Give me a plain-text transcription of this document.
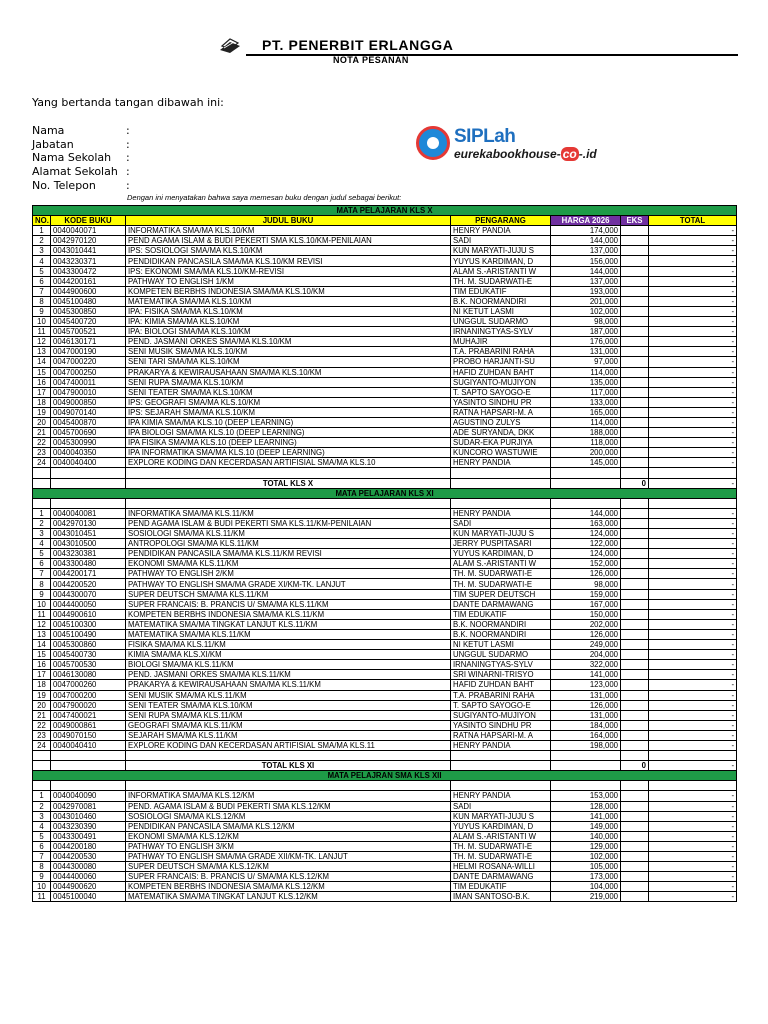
PT. PENERBIT ERLANGGA
NOTA PESANAN
Yang bertanda tangan dibawah ini:
Nama	:
Jabatan	:
Nama Sekolah :
Alamat Sekolah :
No. Telepon	:
SIPLah
eurekabookhouse- co -.id
Dengan ini menyatakan bahwa saya memesan buku dengan judul sebagai berikut:
MATA PELAJARAN KLS X						
NO.	KODE BUKU	JUDUL BUKU	PENGARANG	HARGA 2026	EKS	TOTAL
1	0040040071	INFORMATIKA SMA/MA KLS.10/KM	HENRY PANDIA	174,000		-
2	0042970120	PEND AGAMA ISLAM & BUDI PEKERTI SMA KLS.10/KM-PENILAIAN	SADI	144,000		-
3	0043010441	IPS: SOSIOLOGI SMA/MA KLS.10/KM	KUN MARYATI-JUJU S	137,000		-
4	0043230371	PENDIDIKAN PANCASILA SMA/MA KLS.10/KM REVISI	YUYUS KARDIMAN, D	156,000		-
5	0043300472	IPS: EKONOMI SMA/MA KLS.10/KM-REVISI	ALAM S.-ARISTANTI W	144,000		-
6	0044200161	PATHWAY TO ENGLISH 1/KM	TH. M. SUDARWATI-E	137,000		-
7	0044900600	KOMPETEN BERBHS INDONESIA SMA/MA KLS.10/KM	TIM EDUKATIF	193,000		-
8	0045100480	MATEMATIKA SMA/MA KLS.10/KM	B.K. NOORMANDIRI	201,000		-
9	0045300850	IPA: FISIKA SMA/MA KLS.10/KM	NI KETUT LASMI	102,000		-
10	0045400720	IPA: KIMIA SMA/MA KLS.10/KM	UNGGUL SUDARMO	98,000		-
11	0045700521	IPA: BIOLOGI SMA/MA KLS.10/KM	IRNANINGTYAS-SYLV	187,000		-
12	0046130171	PEND. JASMANI ORKES SMA/MA KLS.10/KM	MUHAJIR	176,000		-
13	0047000190	SENI MUSIK SMA/MA KLS.10/KM	T.A. PRABARINI RAHA	131,000		-
14	0047000220	SENI TARI SMA/MA KLS.10/KM	PROBO HARJANTI-SU	97,000		-
15	0047000250	PRAKARYA & KEWIRAUSAHAAN SMA/MA KLS.10/KM	HAFID ZUHDAN BAHT	114,000		-
16	0047400011	SENI RUPA SMA/MA KLS.10/KM	SUGIYANTO-MUJIYON	135,000		-
17	0047900010	SENI TEATER SMA/MA KLS.10/KM	T. SAPTO SAYOGO-E	117,000		-
18	0049000850	IPS: GEOGRAFI SMA/MA KLS.10/KM	YASINTO SINDHU PR	133,000		-
19	0049070140	IPS: SEJARAH SMA/MA KLS.10/KM	RATNA HAPSARI-M. A	165,000		-
20	0045400870	IPA KIMIA SMA/MA KLS.10 (DEEP LEARNING)	AGUSTINO ZULYS	114,000		-
21	0045700690	IPA BIOLOGI SMA/MA KLS.10 (DEEP LEARNING)	ADE SURYANDA, DKK	188,000		-
22	0045300990	IPA FISIKA SMA/MA KLS.10 (DEEP LEARNING)	SUDAR-EKA PURJIYA	118,000		-
23	0040040350	IPA INFORMATIKA SMA/MA KLS.10 (DEEP LEARNING)	KUNCORO WASTUWIE	200,000		-
24	0040040400	EXPLORE KODING DAN KECERDASAN ARTIFISIAL SMA/MA KLS.10	HENRY PANDIA	145,000		-

		TOTAL KLS X			0	-
MATA PELAJARAN KLS XI						

1	0040040081	INFORMATIKA SMA/MA KLS.11/KM	HENRY PANDIA	144,000		-
2	0042970130	PEND AGAMA ISLAM & BUDI PEKERTI SMA KLS.11/KM-PENILAIAN	SADI	163,000		-
3	0043010451	SOSIOLOGI SMA/MA KLS.11/KM	KUN MARYATI-JUJU S	124,000		-
4	0043010500	ANTROPOLOGI SMA/MA KLS.11/KM	JERRY PUSPITASARI	122,000		-
5	0043230381	PENDIDIKAN PANCASILA SMA/MA KLS.11/KM REVISI	YUYUS KARDIMAN, D	124,000		-
6	0043300480	EKONOMI SMA/MA KLS.11/KM	ALAM S.-ARISTANTI W	152,000		-
7	0044200171	PATHWAY TO ENGLISH 2/KM	TH. M. SUDARWATI-E	126,000		-
8	0044200520	PATHWAY TO ENGLISH SMA/MA GRADE XI/KM-TK. LANJUT	TH. M. SUDARWATI-E	98,000		-
9	0044300070	SUPER DEUTSCH SMA/MA KLS.11/KM	TIM SUPER DEUTSCH	159,000		-
10	0044400050	SUPER FRANCAIS: B. PRANCIS U/ SMA/MA KLS.11/KM	DANTE DARMAWANG	167,000		-
11	0044900610	KOMPETEN BERBHS INDONESIA SMA/MA KLS.11/KM	TIM EDUKATIF	150,000		-
12	0045100300	MATEMATIKA SMA/MA TINGKAT LANJUT KLS.11/KM	B.K. NOORMANDIRI	202,000		-
13	0045100490	MATEMATIKA SMA/MA KLS.11/KM	B.K. NOORMANDIRI	126,000		-
14	0045300860	FISIKA SMA/MA KLS.11/KM	NI KETUT LASMI	249,000		-
15	0045400730	KIMIA SMA/MA KLS.XI/KM	UNGGUL SUDARMO	204,000		-
16	0045700530	BIOLOGI SMA/MA KLS.11/KM	IRNANINGTYAS-SYLV	322,000		-
17	0046130080	PEND. JASMANI ORKES SMA/MA KLS.11/KM	SRI WINARNI-TRISYO	141,000		-
18	0047000260	PRAKARYA & KEWIRAUSAHAAN SMA/MA KLS.11/KM	HAFID ZUHDAN BAHT	123,000		-
19	0047000200	SENI MUSIK SMA/MA KLS.11/KM	T.A. PRABARINI RAHA	131,000		-
20	0047900020	SENI TEATER SMA/MA KLS.10/KM	T. SAPTO SAYOGO-E	126,000		-
21	0047400021	SENI RUPA SMA/MA KLS.11/KM	SUGIYANTO-MUJIYON	131,000		-
22	0049000861	GEOGRAFI SMA/MA KLS.11/KM	YASINTO SINDHU PR	184,000		-
23	0049070150	SEJARAH SMA/MA KLS.11/KM	RATNA HAPSARI-M. A	164,000		-
24	0040040410	EXPLORE KODING DAN KECERDASAN ARTIFISIAL SMA/MA KLS.11	HENRY PANDIA	198,000		-

		TOTAL KLS XI			0	-
MATA PELAJRAN SMA KLS XII						

1	0040040090	INFORMATIKA SMA/MA KLS.12/KM	HENRY PANDIA	153,000		-
2	0042970081	PEND. AGAMA ISLAM & BUDI PEKERTI SMA KLS.12/KM	SADI	128,000		-
3	0043010460	SOSIOLOGI SMA/MA KLS.12/KM	KUN MARYATI-JUJU S	141,000		-
4	0043230390	PENDIDIKAN PANCASILA SMA/MA KLS.12/KM	YUYUS KARDIMAN, D	149,000		-
5	0043300491	EKONOMI SMA/MA KLS.12/KM	ALAM S.-ARISTANTI W	140,000		-
6	0044200180	PATHWAY TO ENGLISH 3/KM	TH. M. SUDARWATI-E	129,000		-
7	0044200530	PATHWAY TO ENGLISH SMA/MA GRADE XII/KM-TK. LANJUT	TH. M. SUDARWATI-E	102,000		-
8	0044300080	SUPER DEUTSCH SMA/MA KLS.12/KM	HELMI ROSANA-WILLI	105,000		-
9	0044400060	SUPER FRANCAIS: B. PRANCIS U/ SMA/MA KLS.12/KM	DANTE DARMAWANG	173,000		-
10	0044900620	KOMPETEN BERBHS INDONESIA SMA/MA KLS.12/KM	TIM EDUKATIF	104,000		-
11	0045100040	MATEMATIKA SMA/MA TINGKAT LANJUT KLS.12/KM	IMAN SANTOSO-B.K.	219,000		-
